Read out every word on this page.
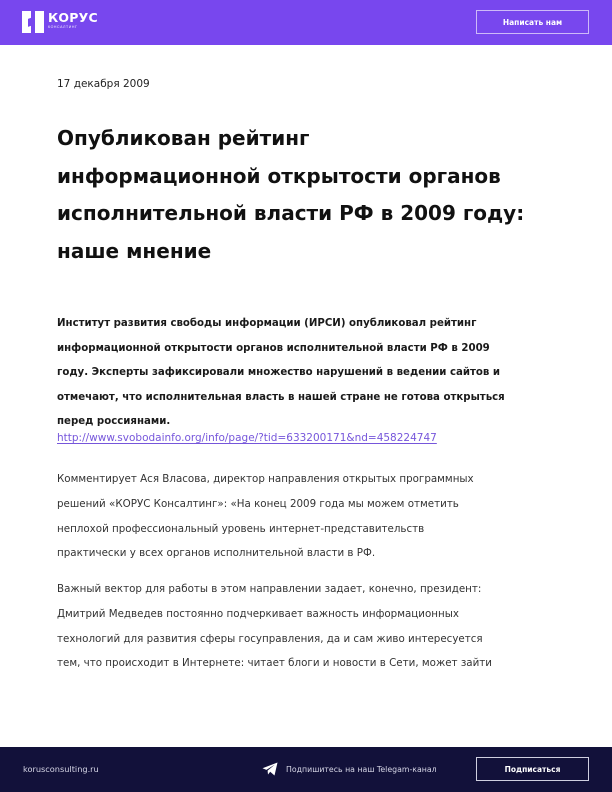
КОРУС
КОНСАЛТИНГ
Написать нам
17 декабря 2009
Опубликован рейтинг
информационной открытости органов
исполнительной власти РФ в 2009 году:
наше мнение
Институт развития свободы информации (ИРСИ) опубликовал рейтинг
информационной открытости органов исполнительной власти РФ в 2009
году. Эксперты зафиксировали множество нарушений в ведении сайтов и
отмечают, что исполнительная власть в нашей стране не готова открыться
перед россиянами.
http://www.svobodainfo.org/info/page/?tid=633200171&nd=458224747
Комментирует Ася Власова, директор направления открытых программных
решений «КОРУС Консалтинг»: «На конец 2009 года мы можем отметить
неплохой профессиональный уровень интернет-представительств
практически у всех органов исполнительной власти в РФ.
Важный вектор для работы в этом направлении задает, конечно, президент:
Дмитрий Медведев постоянно подчеркивает важность информационных
технологий для развития сферы госуправления, да и сам живо интересуется
тем, что происходит в Интернете: читает блоги и новости в Сети, может зайти
korusconsulting.ru	Подпишитесь на наш Telegam-канал	Подписаться
